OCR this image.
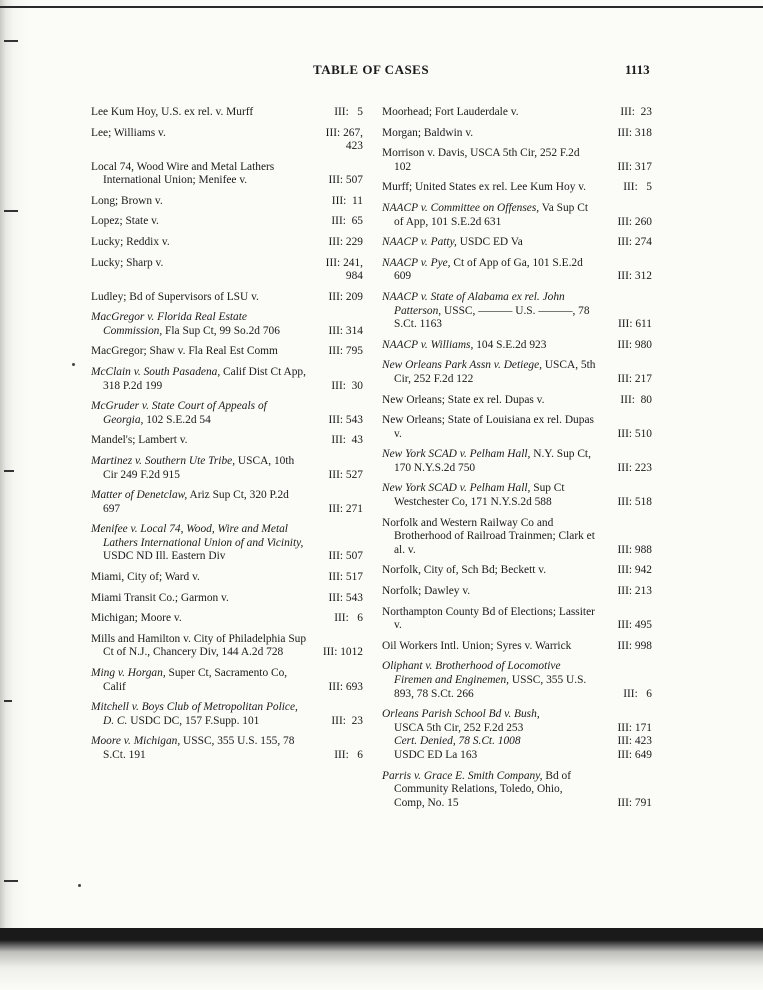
TABLE OF CASES	1113
Lee Kum Hoy, U.S. ex rel. v. Murff	III:   5
Lee; Williams v.	III: 267,
423
Local 74, Wood Wire and Metal Lathers International Union; Menifee v.	III: 507
Long; Brown v.	III:  11
Lopez; State v.	III:  65
Lucky; Reddix v.	III: 229
Lucky; Sharp v.	III: 241,
984
Ludley; Bd of Supervisors of LSU v.	III: 209
MacGregor v. Florida Real Estate Commission, Fla Sup Ct, 99 So.2d 706	III: 314
MacGregor; Shaw v. Fla Real Est Comm	III: 795
McClain v. South Pasadena, Calif Dist Ct App, 318 P.2d 199	III:  30
McGruder v. State Court of Appeals of Georgia, 102 S.E.2d 54	III: 543
Mandel's; Lambert v.	III:  43
Martinez v. Southern Ute Tribe, USCA, 10th Cir 249 F.2d 915	III: 527
Matter of Denetclaw, Ariz Sup Ct, 320 P.2d 697	III: 271
Menifee v. Local 74, Wood, Wire and Metal Lathers International Union of and Vicinity, USDC ND Ill. Eastern Div	III: 507
Miami, City of; Ward v.	III: 517
Miami Transit Co.; Garmon v.	III: 543
Michigan; Moore v.	III:   6
Mills and Hamilton v. City of Philadelphia Sup Ct of N.J., Chancery Div, 144 A.2d 728	III: 1012
Ming v. Horgan, Super Ct, Sacramento Co, Calif	III: 693
Mitchell v. Boys Club of Metropolitan Police, D. C. USDC DC, 157 F.Supp. 101	III:  23
Moore v. Michigan, USSC, 355 U.S. 155, 78 S.Ct. 191	III:   6
Moorhead; Fort Lauderdale v.	III:  23
Morgan; Baldwin v.	III: 318
Morrison v. Davis, USCA 5th Cir, 252 F.2d 102	III: 317
Murff; United States ex rel. Lee Kum Hoy v.	III:   5
NAACP v. Committee on Offenses, Va Sup Ct of App, 101 S.E.2d 631	III: 260
NAACP v. Patty, USDC ED Va	III: 274
NAACP v. Pye, Ct of App of Ga, 101 S.E.2d 609	III: 312
NAACP v. State of Alabama ex rel. John Patterson, USSC, ——— U.S. ———, 78 S.Ct. 1163	III: 611
NAACP v. Williams, 104 S.E.2d 923	III: 980
New Orleans Park Assn v. Detiege, USCA, 5th Cir, 252 F.2d 122	III: 217
New Orleans; State ex rel. Dupas v.	III:  80
New Orleans; State of Louisiana ex rel. Dupas v.	III: 510
New York SCAD v. Pelham Hall, N.Y. Sup Ct, 170 N.Y.S.2d 750	III: 223
New York SCAD v. Pelham Hall, Sup Ct Westchester Co, 171 N.Y.S.2d 588	III: 518
Norfolk and Western Railway Co and Brotherhood of Railroad Trainmen; Clark et al. v.	III: 988
Norfolk, City of, Sch Bd; Beckett v.	III: 942
Norfolk; Dawley v.	III: 213
Northampton County Bd of Elections; Lassiter v.	III: 495
Oil Workers Intl. Union; Syres v. Warrick	III: 998
Oliphant v. Brotherhood of Locomotive Firemen and Enginemen, USSC, 355 U.S. 893, 78 S.Ct. 266	III:   6
Orleans Parish School Bd v. Bush,
USCA 5th Cir, 252 F.2d 253	III: 171
Cert. Denied, 78 S.Ct. 1008	III: 423
USDC ED La 163	III: 649
Parris v. Grace E. Smith Company, Bd of Community Relations, Toledo, Ohio, Comp, No. 15	III: 791
